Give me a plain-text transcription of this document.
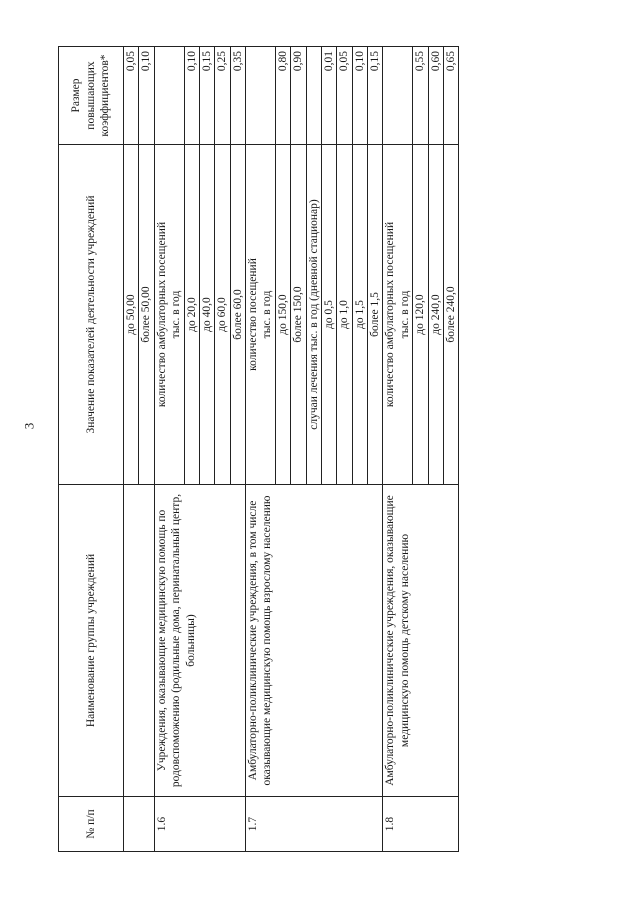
3
№ п/п	Наименование группы учреждений	Значение показателей деятельности учреждений	Размер повышающих коэффициентов*
		до 50,00	0,05
		более 50,00	0,10
1.6	Учреждения, оказывающие медицинскую помощь по родовспоможению (родильные дома, перинатальный центр, больницы)	количество амбулаторных посещений тыс. в год	

		до 20,0	0,10
		до 40,0	0,15
		до 60,0	0,25
		более 60,0	0,35
1.7	Амбулаторно-поликлинические учреждения, в том числе оказывающие медицинскую помощь взрослому населению	количество посещений тыс. в год	

		до 150,0	0,80
		более 150,0	0,90
		случаи лечения тыс. в год (дневной стационар)	
		до 0,5	0,01
		до 1,0	0,05
		до 1,5	0,10
		более 1,5	0,15
1.8	Амбулаторно-поликлинические учреждения, оказывающие медицинскую помощь детскому населению	количество амбулаторных посещений тыс. в год	

		до 120,0	0,55
		до 240,0	0,60
		более 240,0	0,65
